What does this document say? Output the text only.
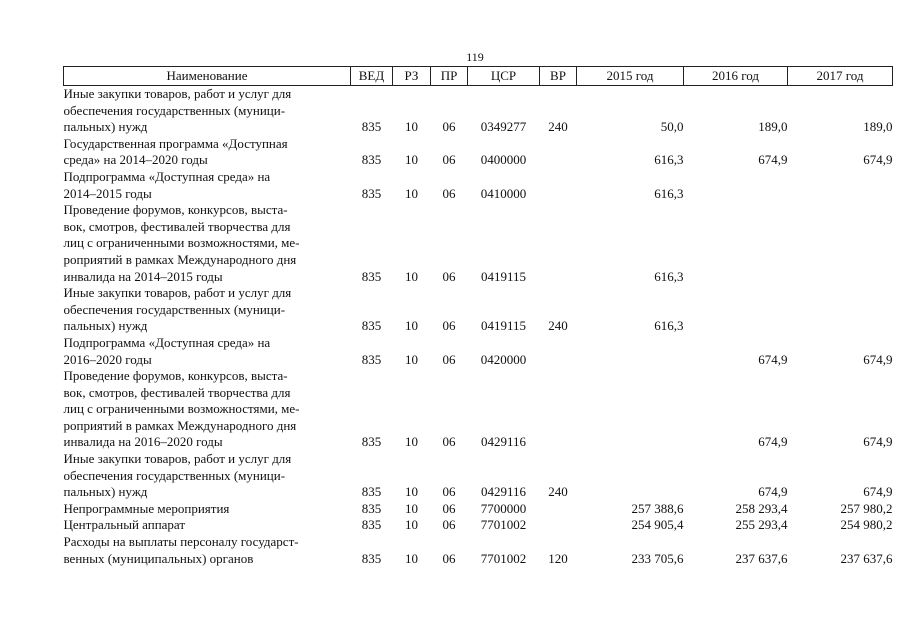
119
Наименование	ВЕД	РЗ	ПР	ЦСР	ВР	2015 год	2016 год	2017 год

Иные закупки товаров, работ и услуг для
обеспечения государственных (муници-
пальных) нужд	835	10	06	0349277	240	50,0	189,0	189,0

Государственная программа «Доступная
среда» на 2014–2020 годы	835	10	06	0400000		616,3	674,9	674,9

Подпрограмма «Доступная среда» на
2014–2015 годы	835	10	06	0410000		616,3		

Проведение форумов, конкурсов, выста-
вок, смотров, фестивалей творчества для
лиц с ограниченными возможностями, ме-
роприятий в рамках Международного дня
инвалида на 2014–2015 годы	835	10	06	0419115		616,3		

Иные закупки товаров, работ и услуг для
обеспечения государственных (муници-
пальных) нужд	835	10	06	0419115	240	616,3		

Подпрограмма «Доступная среда» на
2016–2020 годы	835	10	06	0420000			674,9	674,9

Проведение форумов, конкурсов, выста-
вок, смотров, фестивалей творчества для
лиц с ограниченными возможностями, ме-
роприятий в рамках Международного дня
инвалида на 2016–2020 годы	835	10	06	0429116			674,9	674,9

Иные закупки товаров, работ и услуг для
обеспечения государственных (муници-
пальных) нужд	835	10	06	0429116	240		674,9	674,9

Непрограммные мероприятия	835	10	06	7700000		257 388,6	258 293,4	257 980,2

Центральный аппарат	835	10	06	7701002		254 905,4	255 293,4	254 980,2

Расходы на выплаты персоналу государст-
венных (муниципальных) органов	835	10	06	7701002	120	233 705,6	237 637,6	237 637,6
